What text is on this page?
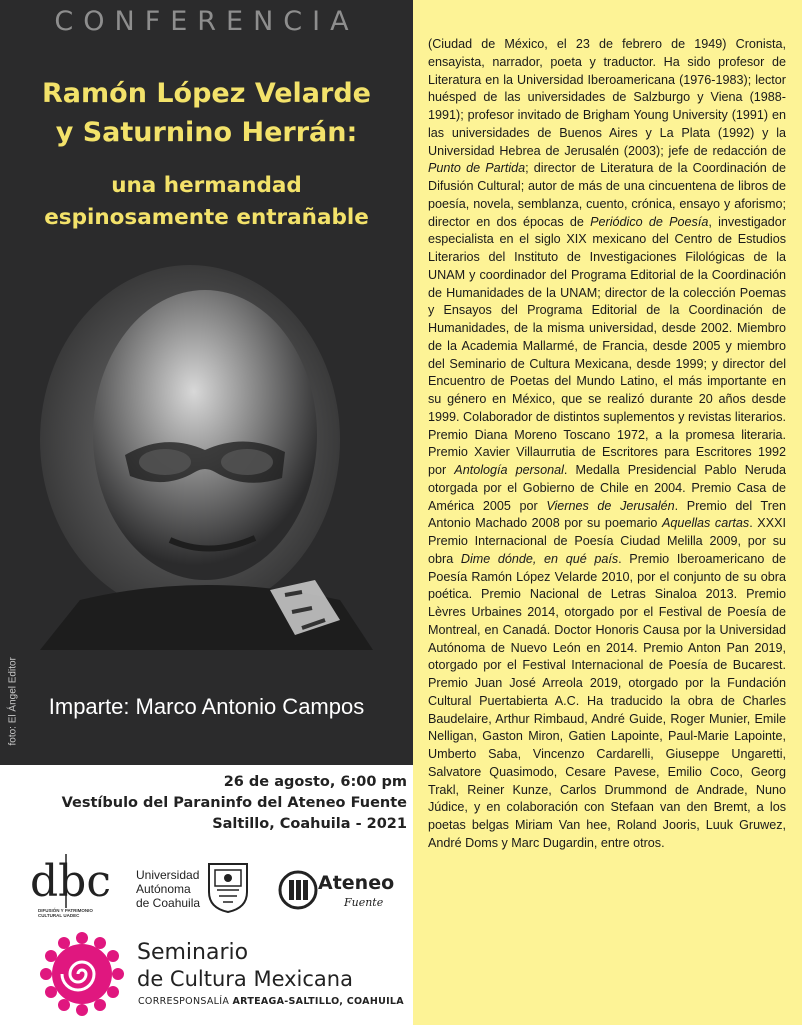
CONFERENCIA
Ramón López Velarde
y Saturnino Herrán:
una hermandad
espinosamente entrañable
Imparte: Marco Antonio Campos
foto: El Ángel Editor
26 de agosto, 6:00 pm
Vestíbulo del Paraninfo del Ateneo Fuente
Saltillo, Coahuila - 2021
dbc
DIFUSIÓN Y PATRIMONIO CULTURAL UADEC
Universidad
Autónoma
de Coahuila
Ateneo
Fuente
Seminario
de Cultura Mexicana
CORRESPONSALÍA ARTEAGA-SALTILLO, COAHUILA
(Ciudad de México, el 23 de febrero de 1949) Cronista, ensayista, narrador, poeta y traductor. Ha sido profesor de Literatura en la Universidad Iberoamericana (1976-1983); lector huésped de las universidades de Salzburgo y Viena (1988-1991); profesor invitado de Brigham Young University (1991) en las universidades de Buenos Aires y La Plata (1992) y la Universidad Hebrea de Jerusalén (2003); jefe de redacción de Punto de Partida; director de Literatura de la Coordinación de Difusión Cultural; autor de más de una cincuentena de libros de poesía, novela, semblanza, cuento, crónica, ensayo y aforismo; director en dos épocas de Periódico de Poesía, investigador especialista en el siglo XIX mexicano del Centro de Estudios Literarios del Instituto de Investigaciones Filológicas de la UNAM y coordinador del Programa Editorial de la Coordinación de Humanidades de la UNAM; director de la colección Poemas y Ensayos del Programa Editorial de la Coordinación de Humanidades, de la misma universidad, desde 2002. Miembro de la Academia Mallarmé, de Francia, desde 2005 y miembro del Seminario de Cultura Mexicana, desde 1999; y director del Encuentro de Poetas del Mundo Latino, el más importante en su género en México, que se realizó durante 20 años desde 1999. Colaborador de distintos suplementos y revistas literarios. Premio Diana Moreno Toscano 1972, a la promesa literaria. Premio Xavier Villaurrutia de Escritores para Escritores 1992 por Antología personal. Medalla Presidencial Pablo Neruda otorgada por el Gobierno de Chile en 2004. Premio Casa de América 2005 por Viernes de Jerusalén. Premio del Tren Antonio Machado 2008 por su poemario Aquellas cartas. XXXI Premio Internacional de Poesía Ciudad Melilla 2009, por su obra Dime dónde, en qué país. Premio Iberoamericano de Poesía Ramón López Velarde 2010, por el conjunto de su obra poética. Premio Nacional de Letras Sinaloa 2013. Premio Lèvres Urbaines 2014, otorgado por el Festival de Poesía de Montreal, en Canadá. Doctor Honoris Causa por la Universidad Autónoma de Nuevo León en 2014. Premio Anton Pan 2019, otorgado por el Festival Internacional de Poesía de Bucarest. Premio Juan José Arreola 2019, otorgado por la Fundación Cultural Puertabierta A.C. Ha traducido la obra de Charles Baudelaire, Arthur Rimbaud, André Guide, Roger Munier, Emile Nelligan, Gaston Miron, Gatien Lapointe, Paul-Marie Lapointe, Umberto Saba, Vincenzo Cardarelli, Giuseppe Ungaretti, Salvatore Quasimodo, Cesare Pavese, Emilio Coco, Georg Trakl, Reiner Kunze, Carlos Drummond de Andrade, Nuno Júdice, y en colaboración con Stefaan van den Bremt, a los poetas belgas Miriam Van hee, Roland Jooris, Luuk Gruwez, André Doms y Marc Dugardin, entre otros.
